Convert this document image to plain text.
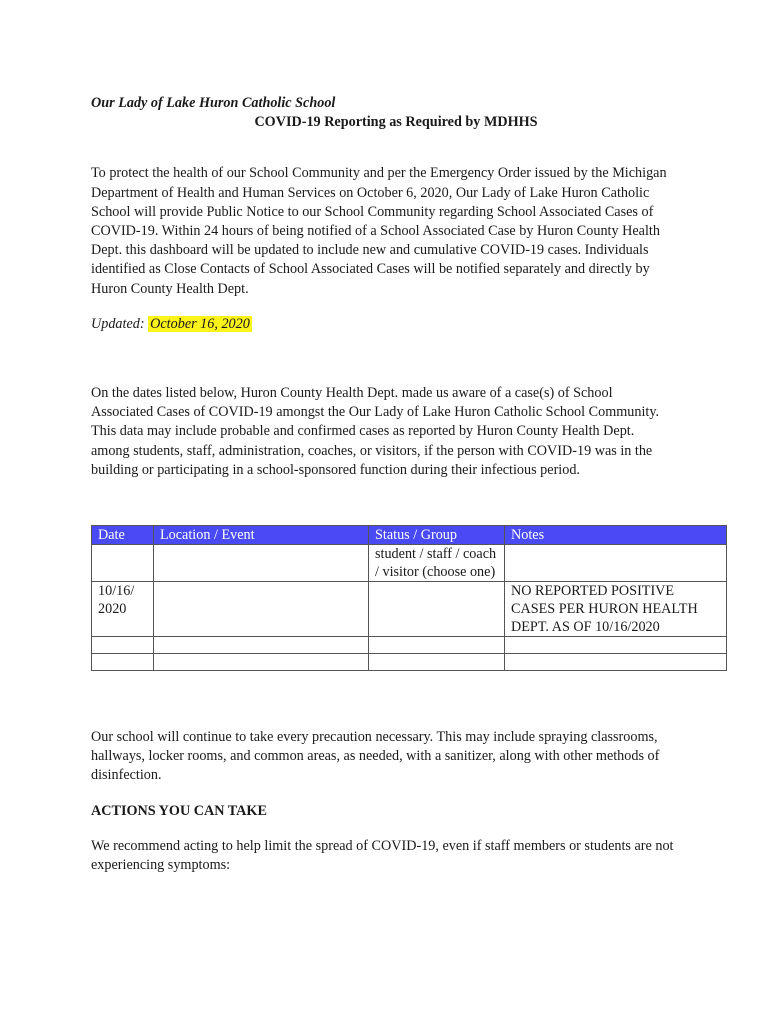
Our Lady of Lake Huron Catholic School

COVID-19 Reporting as Required by MDHHS

To protect the health of our School Community and per the Emergency Order issued by the Michigan Department of Health and Human Services on October 6, 2020, Our Lady of Lake Huron Catholic School will provide Public Notice to our School Community regarding School Associated Cases of COVID-19. Within 24 hours of being notified of a School Associated Case by Huron County Health Dept. this dashboard will be updated to include new and cumulative COVID-19 cases. Individuals identified as Close Contacts of School Associated Cases will be notified separately and directly by Huron County Health Dept.

Updated: October 16, 2020

On the dates listed below, Huron County Health Dept. made us aware of a case(s) of School Associated Cases of COVID-19 amongst the Our Lady of Lake Huron Catholic School Community. This data may include probable and confirmed cases as reported by Huron County Health Dept. among students, staff, administration, coaches, or visitors, if the person with COVID-19 was in the building or participating in a school-sponsored function during their infectious period.

Date	Location / Event	Status / Group	Notes
		student / staff / coach / visitor (choose one)	
10/16/ 2020			NO REPORTED POSITIVE CASES PER HURON HEALTH DEPT. AS OF 10/16/2020

Our school will continue to take every precaution necessary. This may include spraying classrooms, hallways, locker rooms, and common areas, as needed, with a sanitizer, along with other methods of disinfection.

ACTIONS YOU CAN TAKE

We recommend acting to help limit the spread of COVID-19, even if staff members or students are not experiencing symptoms:
